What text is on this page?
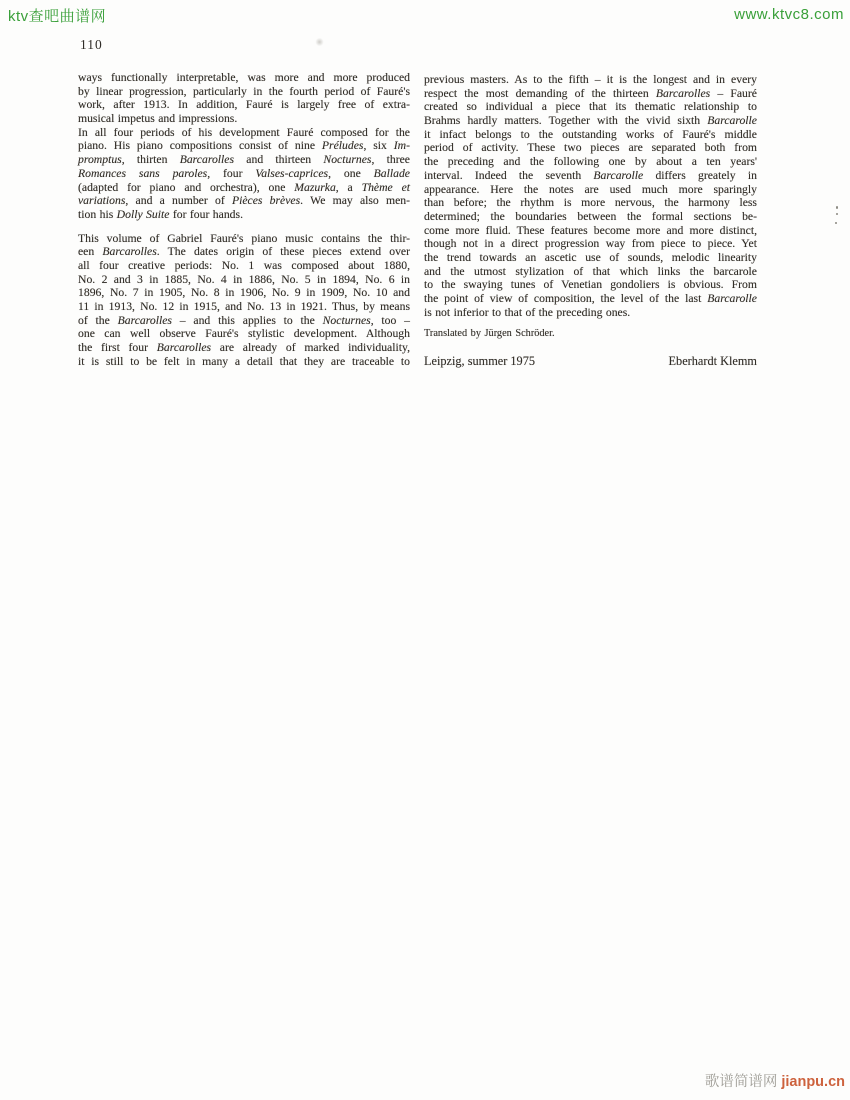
ktv查吧曲谱网	www.ktvc8.com
110
ways functionally interpretable, was more and more produced
by linear progression, particularly in the fourth period of Fauré's
work, after 1913. In addition, Fauré is largely free of extra-
musical impetus and impressions.
In all four periods of his development Fauré composed for the
piano. His piano compositions consist of nine Préludes, six Im-
promptus, thirten Barcarolles and thirteen Nocturnes, three
Romances sans paroles, four Valses-caprices, one Ballade
(adapted for piano and orchestra), one Mazurka, a Thème et
variations, and a number of Pièces brèves. We may also men-
tion his Dolly Suite for four hands.
This volume of Gabriel Fauré's piano music contains the thir-
een Barcarolles. The dates origin of these pieces extend over
all four creative periods: No. 1 was composed about 1880,
No. 2 and 3 in 1885, No. 4 in 1886, No. 5 in 1894, No. 6 in
1896, No. 7 in 1905, No. 8 in 1906, No. 9 in 1909, No. 10 and
11 in 1913, No. 12 in 1915, and No. 13 in 1921. Thus, by means
of the Barcarolles – and this applies to the Nocturnes, too –
one can well observe Fauré's stylistic development. Although
the first four Barcarolles are already of marked individuality,
it is still to be felt in many a detail that they are traceable to
previous masters. As to the fifth – it is the longest and in every
respect the most demanding of the thirteen Barcarolles – Fauré
created so individual a piece that its thematic relationship to
Brahms hardly matters. Together with the vivid sixth Barcarolle
it infact belongs to the outstanding works of Fauré's middle
period of activity. These two pieces are separated both from
the preceding and the following one by about a ten years'
interval. Indeed the seventh Barcarolle differs greately in
appearance. Here the notes are used much more sparingly
than before; the rhythm is more nervous, the harmony less
determined; the boundaries between the formal sections be-
come more fluid. These features become more and more distinct,
though not in a direct progression way from piece to piece. Yet
the trend towards an ascetic use of sounds, melodic linearity
and the utmost stylization of that which links the barcarole
to the swaying tunes of Venetian gondoliers is obvious. From
the point of view of composition, the level of the last Barcarolle
is not inferior to that of the preceding ones.
Translated by Jürgen Schröder.
Leipzig, summer 1975	Eberhardt Klemm
歌谱简谱网 jianpu.cn
